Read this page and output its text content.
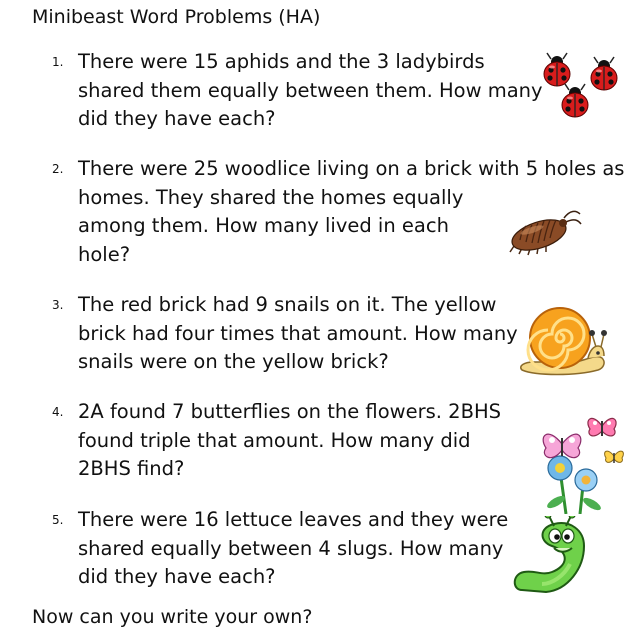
Minibeast Word Problems (HA)
1. There were 15 aphids and the 3 ladybirds
shared them equally between them. How many
did they have each?
2. There were 25 woodlice living on a brick with 5 holes as
homes. They shared the homes equally
among them. How many lived in each
hole?
3. The red brick had 9 snails on it. The yellow
brick had four times that amount. How many
snails were on the yellow brick?
4. 2A found 7 butterflies on the flowers. 2BHS
found triple that amount. How many did
2BHS find?
5. There were 16 lettuce leaves and they were
shared equally between 4 slugs. How many
did they have each?
Now can you write your own?
